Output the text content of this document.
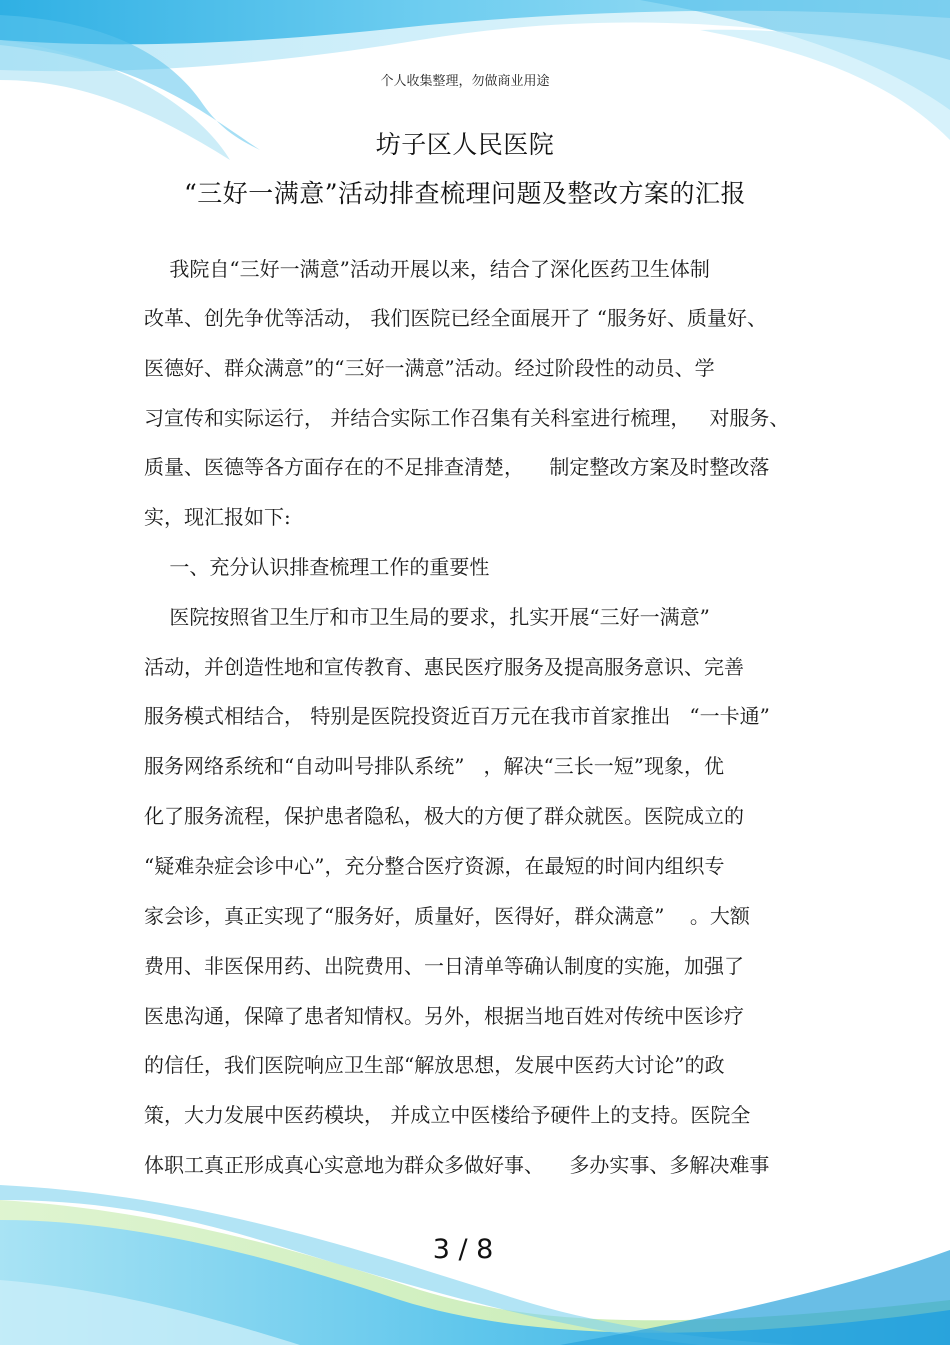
个人收集整理，勿做商业用途
坊子区人民医院
“三好一满意”活动排查梳理问题及整改方案的汇报
我院自“三好一满意”活动开展以来，结合了深化医药卫生体制
改革、创先争优等活动， 我们医院已经全面展开了 “服务好、质量好、
医德好、群众满意”的“三好一满意”活动。经过阶段性的动员、学
习宣传和实际运行， 并结合实际工作召集有关科室进行梳理，   对服务、
质量、医德等各方面存在的不足排查清楚，    制定整改方案及时整改落
实，现汇报如下:
一、充分认识排查梳理工作的重要性
医院按照省卫生厅和市卫生局的要求，扎实开展“三好一满意”
活动，并创造性地和宣传教育、惠民医疗服务及提高服务意识、完善
服务模式相结合， 特别是医院投资近百万元在我市首家推出   “一卡通”
服务网络系统和“自动叫号排队系统”   ，解决“三长一短”现象，优
化了服务流程，保护患者隐私，极大的方便了群众就医。医院成立的
“疑难杂症会诊中心”，充分整合医疗资源，在最短的时间内组织专
家会诊，真正实现了“服务好，质量好，医得好，群众满意”    。大额
费用、非医保用药、出院费用、一日清单等确认制度的实施，加强了
医患沟通，保障了患者知情权。另外，根据当地百姓对传统中医诊疗
的信任，我们医院响应卫生部“解放思想，发展中医药大讨论”的政
策，大力发展中医药模块， 并成立中医楼给予硬件上的支持。医院全
体职工真正形成真心实意地为群众多做好事、    多办实事、多解决难事
3 / 8
